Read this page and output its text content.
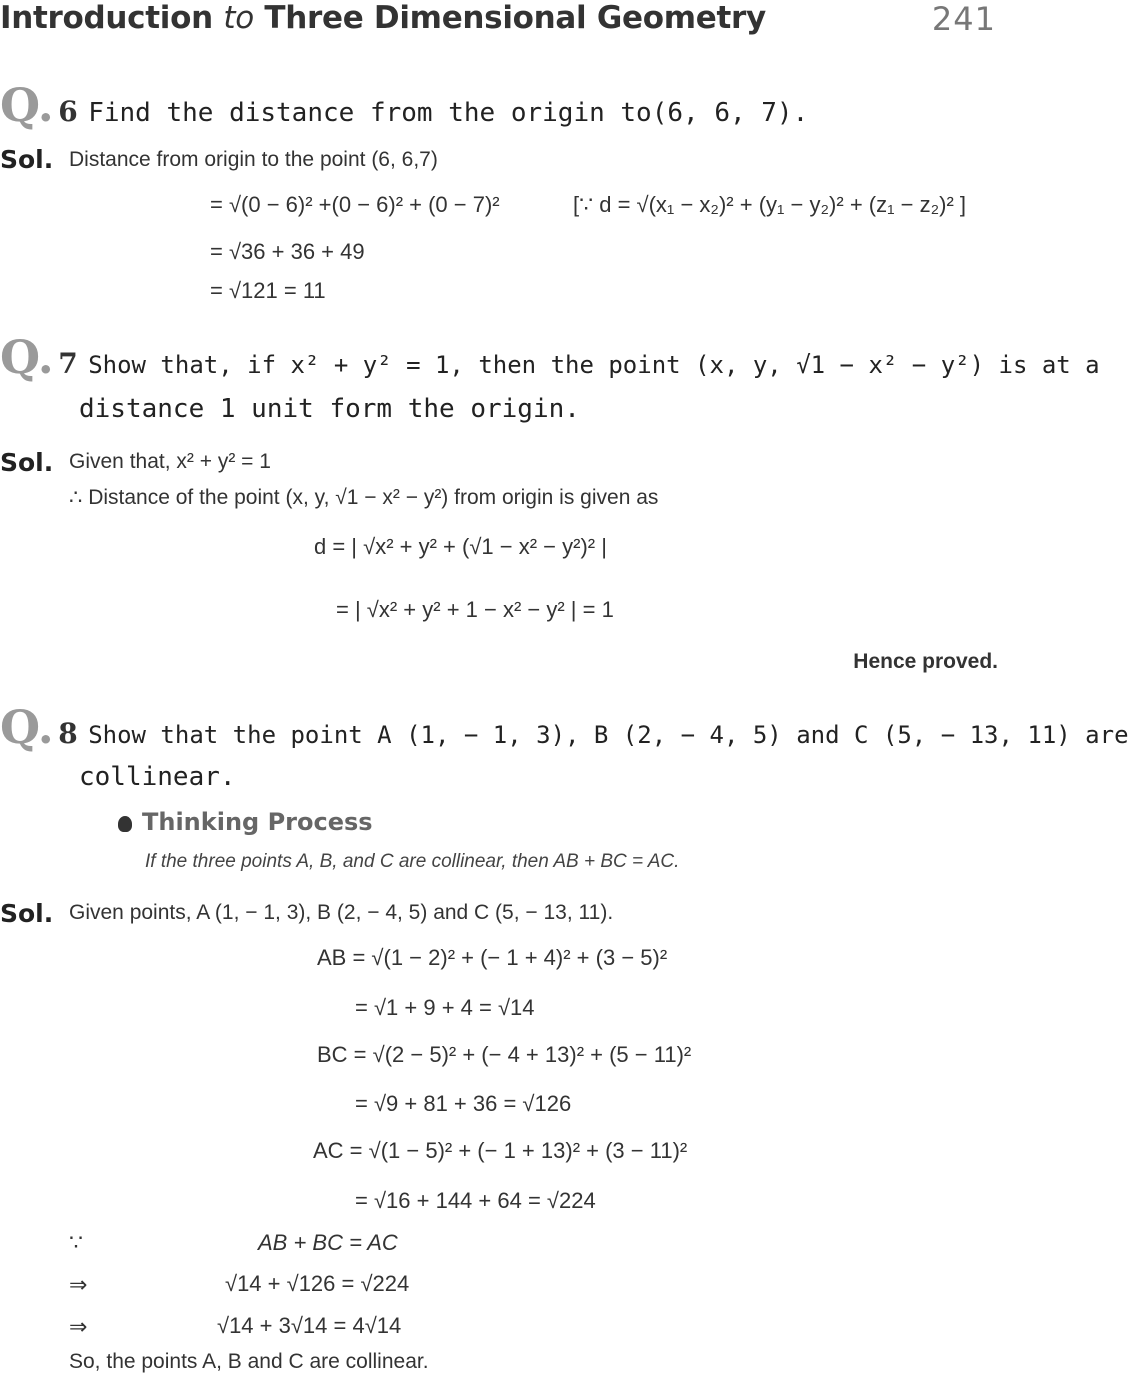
Introduction to Three Dimensional Geometry	241
Q. 6 Find the distance from the origin to(6, 6, 7).
Sol. Distance from origin to the point (6, 6,7)
= √(0 − 6)² +(0 − 6)² + (0 − 7)²	[∵ d = √(x₁ − x₂)² + (y₁ − y₂)² + (z₁ − z₂)² ]
= √36 + 36 + 49
= √121 = 11
Q. 7 Show that, if x² + y² = 1, then the point (x, y, √1 − x² − y²) is at a
distance 1 unit form the origin.
Sol. Given that, x² + y² = 1
∴ Distance of the point (x, y, √1 − x² − y²) from origin is given as
d = | √x² + y² + (√1 − x² − y²)² |
= | √x² + y² + 1 − x² − y² | = 1
Hence proved.
Q. 8 Show that the point A (1, − 1, 3), B (2, − 4, 5) and C (5, − 13, 11) are
collinear.
Thinking Process
If the three points A, B, and C are collinear, then AB + BC = AC.
Sol. Given points, A (1, − 1, 3), B (2, − 4, 5) and C (5, − 13, 11).
AB = √(1 − 2)² + (− 1 + 4)² + (3 − 5)²
= √1 + 9 + 4 = √14
BC = √(2 − 5)² + (− 4 + 13)² + (5 − 11)²
= √9 + 81 + 36 = √126
AC = √(1 − 5)² + (− 1 + 13)² + (3 − 11)²
= √16 + 144 + 64 = √224
∵	AB + BC = AC
⇒	√14 + √126 = √224
⇒	√14 + 3√14 = 4√14
So, the points A, B and C are collinear.
